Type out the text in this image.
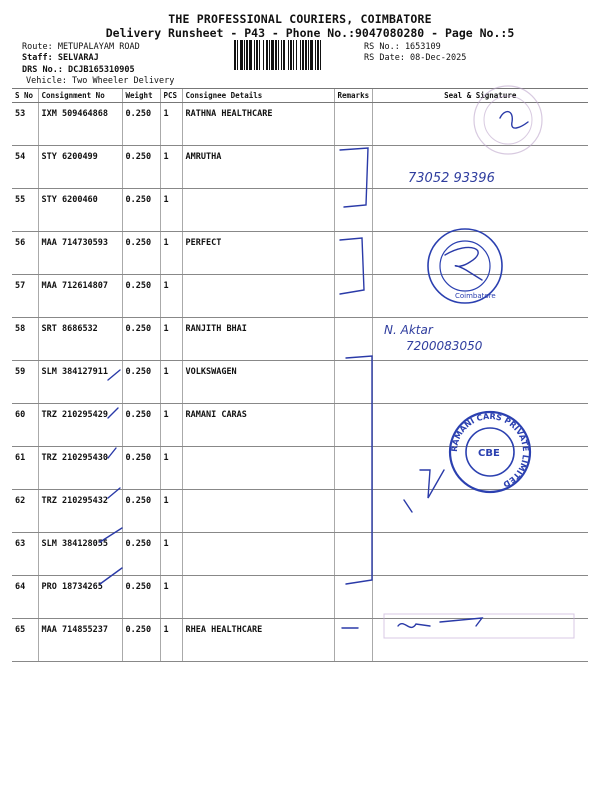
THE PROFESSIONAL COURIERS, COIMBATORE
Delivery Runsheet - P43 - Phone No.:9047080280 - Page No.:5
Route: METUPALAYAM ROAD
Staff: SELVARAJ
DRS No.: DCJB165310905
Vehicle: Two Wheeler Delivery
RS No.: 1653109
RS Date: 08-Dec-2025
S No	Consignment No	Weight	PCS	Consignee Details	Remarks	Seal & Signature
53	IXM 509464868	0.250	1	RATHNA HEALTHCARE		
54	STY 6200499	0.250	1	AMRUTHA		
55	STY 6200460	0.250	1			
56	MAA 714730593	0.250	1	PERFECT		
57	MAA 712614807	0.250	1			
58	SRT 8686532	0.250	1	RANJITH BHAI		
59	SLM 384127911	0.250	1	VOLKSWAGEN		
60	TRZ 210295429	0.250	1	RAMANI CARAS		
61	TRZ 210295430	0.250	1			
62	TRZ 210295432	0.250	1			
63	SLM 384128055	0.250	1			
64	PRO 18734265	0.250	1			
65	MAA 714855237	0.250	1	RHEA HEALTHCARE		
73052 93396
Coimbatore
N. Aktar
7200083050
RAMANI CARS PRIVATE LIMITED
CBE
